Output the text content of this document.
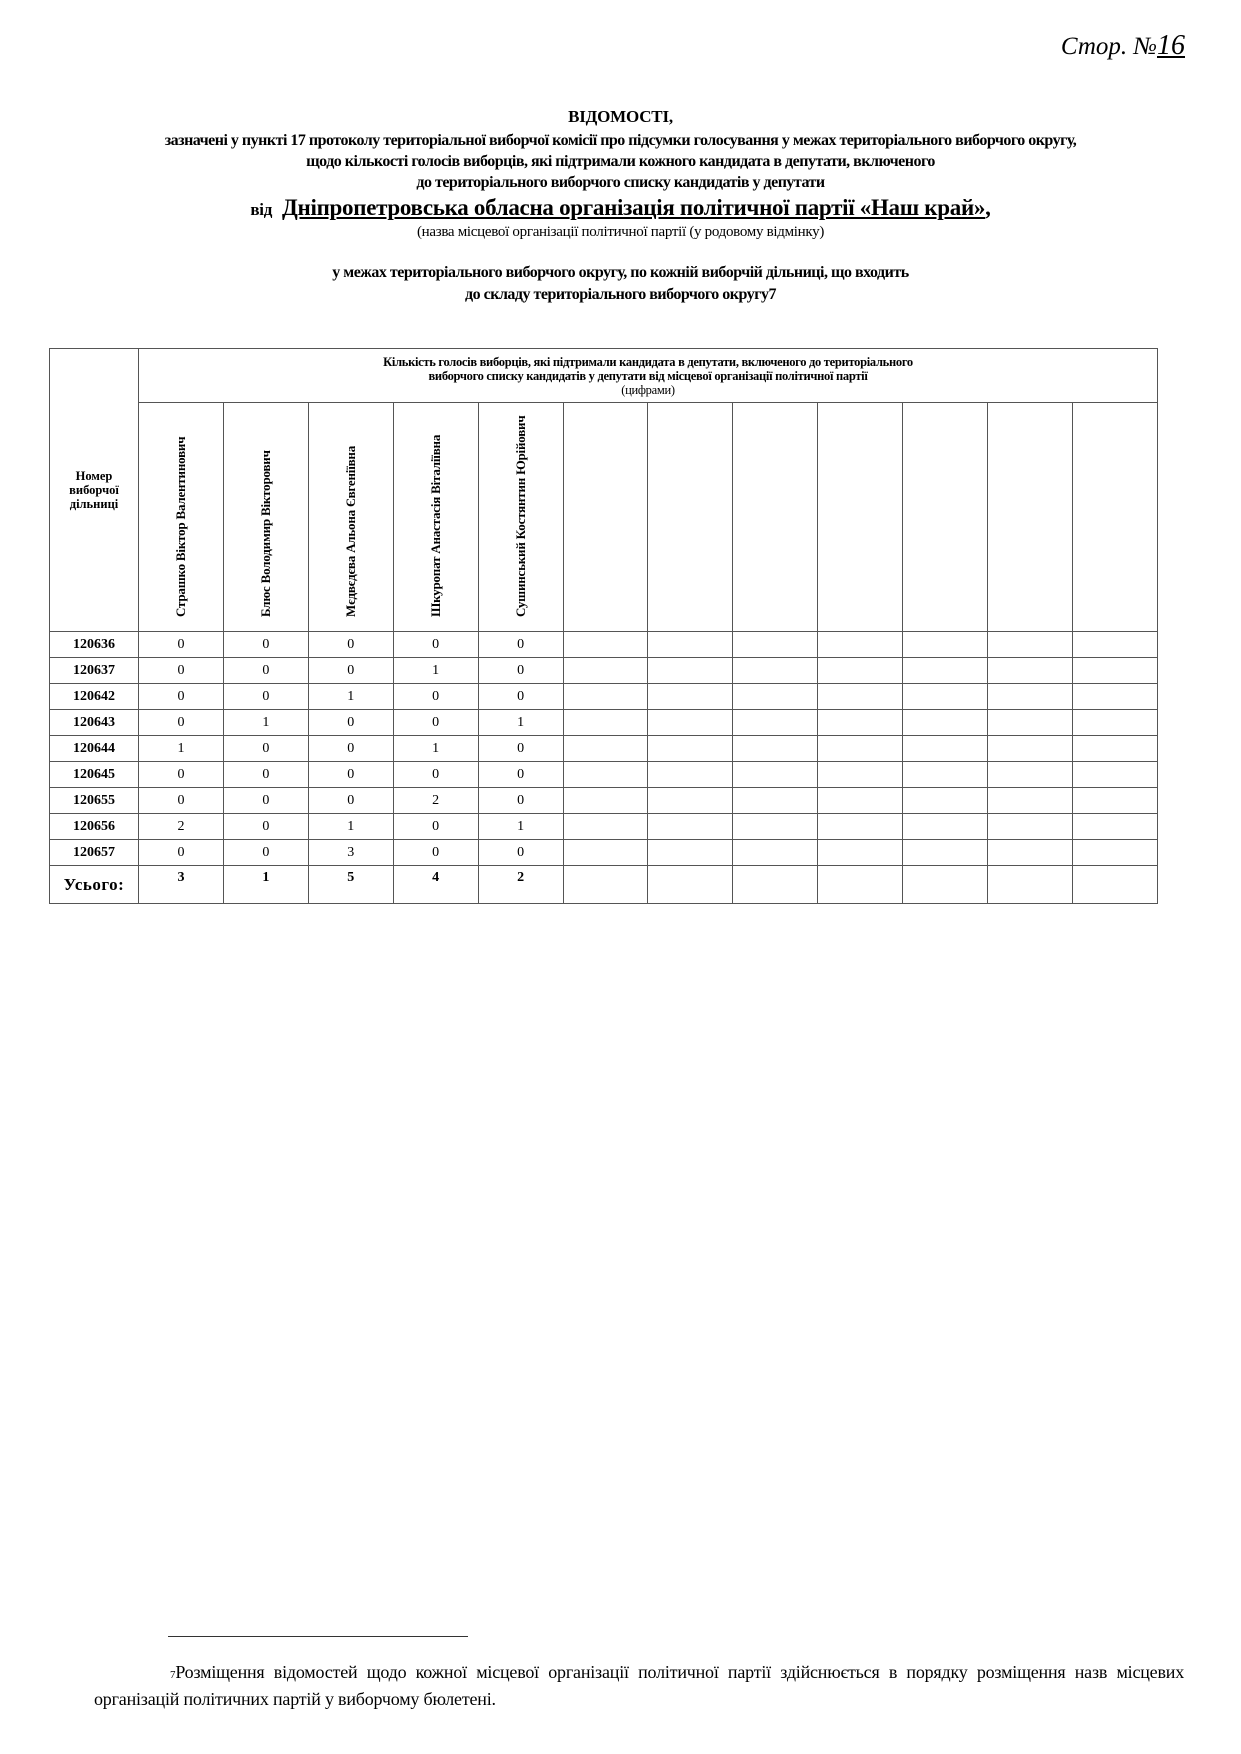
Стор. №16
ВІДОМОСТІ,
зазначені у пункті 17 протоколу територіальної виборчої комісії про підсумки голосування у межах територіального виборчого округу,
щодо кількості голосів виборців, які підтримали кожного кандидата в депутати, включеного
до територіального виборчого списку кандидатів у депутати
від Дніпропетровська обласна організація політичної партії «Наш край»,
(назва місцевої організації політичної партії (у родовому відмінку)
у межах територіального виборчого округу, по кожній виборчій дільниці, що входить
до складу територіального виборчого округу7
Номер виборчої дільниці	Кількість голосів виборців, які підтримали кандидата в депутати, включеного до територіального
виборчого списку кандидатів у депутати від місцевої організації політичної партії
(цифрами)											

	Страшко Віктор Валентинович	Блюс Володимир Вікторович	Мєдвєдєва Альона Євгеніївна	Шкуропат Анастасія Віталіївна	Сушинський Костянтин Юрійович							

120636	0	0	0	0	0							
120637	0	0	0	1	0							
120642	0	0	1	0	0							
120643	0	1	0	0	1							
120644	1	0	0	1	0							
120645	0	0	0	0	0							
120655	0	0	0	2	0							
120656	2	0	1	0	1							
120657	0	0	3	0	0							
Усього:	3	1	5	4	2							
7Розміщення відомостей щодо кожної місцевої організації політичної партії здійснюється в порядку розміщення назв місцевих організацій політичних партій у виборчому бюлетені.
